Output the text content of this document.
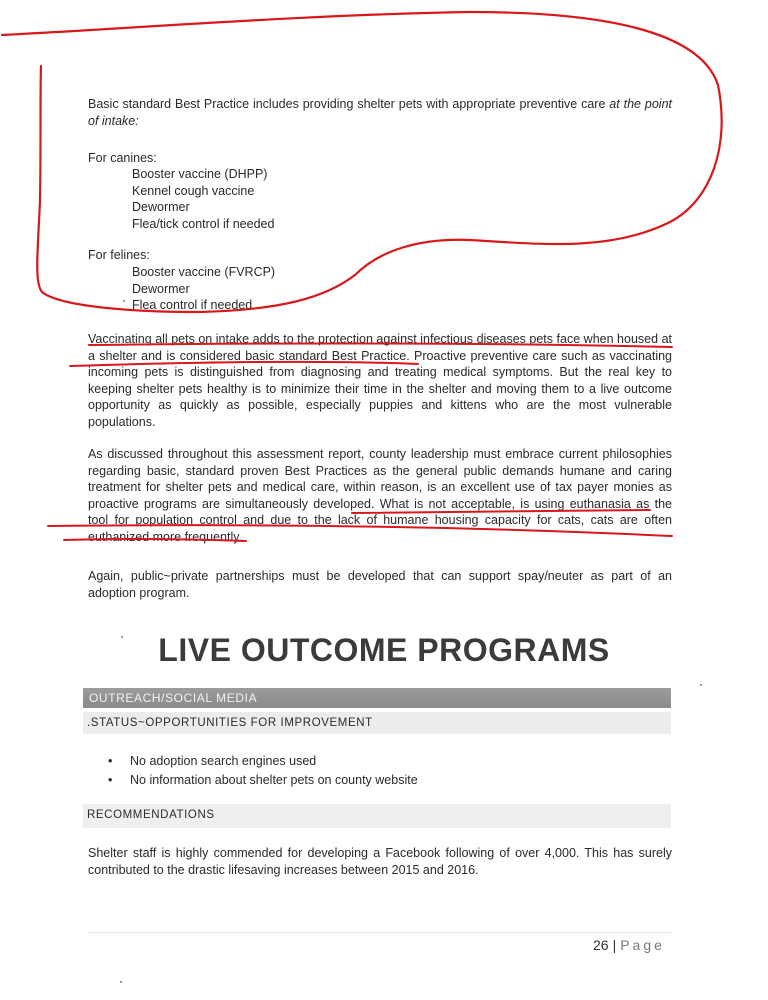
Basic standard Best Practice includes providing shelter pets with appropriate preventive care at the point of intake:

For canines:

Booster vaccine (DHPP)
Kennel cough vaccine
Dewormer
Flea/tick control if needed

For felines:

Booster vaccine (FVRCP)
Dewormer
Flea control if needed

Vaccinating all pets on intake adds to the protection against infectious diseases pets face when housed at a shelter and is considered basic standard Best Practice. Proactive preventive care such as vaccinating incoming pets is distinguished from diagnosing and treating medical symptoms. But the real key to keeping shelter pets healthy is to minimize their time in the shelter and moving them to a live outcome opportunity as quickly as possible, especially puppies and kittens who are the most vulnerable populations.

As discussed throughout this assessment report, county leadership must embrace current philosophies regarding basic, standard proven Best Practices as the general public demands humane and caring treatment for shelter pets and medical care, within reason, is an excellent use of tax payer monies as proactive programs are simultaneously developed. What is not acceptable, is using euthanasia as the tool for population control and due to the lack of humane housing capacity for cats, cats are often euthanized more frequently.

Again, public~private partnerships must be developed that can support spay/neuter as part of an adoption program.

LIVE OUTCOME PROGRAMS
OUTREACH/SOCIAL MEDIA
.STATUS~OPPORTUNITIES FOR IMPROVEMENT
• No adoption search engines used
• No information about shelter pets on county website
RECOMMENDATIONS

Shelter staff is highly commended for developing a Facebook following of over 4,000. This has surely contributed to the drastic lifesaving increases between 2015 and 2016.

26 | Page
